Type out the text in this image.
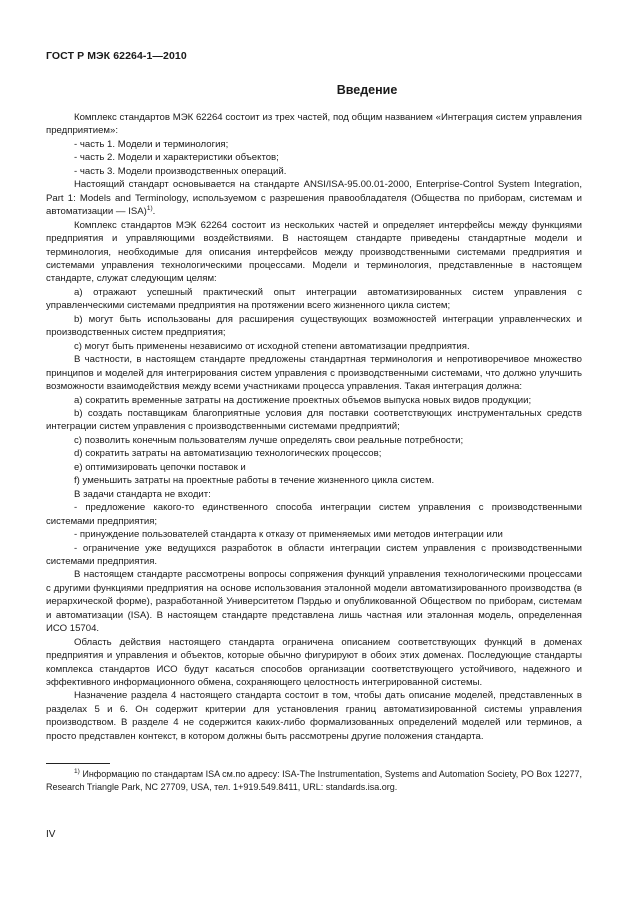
ГОСТ Р МЭК 62264-1—2010
Введение

Комплекс стандартов МЭК 62264 состоит из трех частей, под общим названием «Интеграция систем управления предприятием»:

- часть 1. Модели и терминология;

- часть 2. Модели и характеристики объектов;

- часть 3. Модели производственных операций.

Настоящий стандарт основывается на стандарте ANSI/ISA-95.00.01-2000, Enterprise-Control System Integration, Part 1: Models and Terminology, используемом с разрешения правообладателя (Общества по приборам, системам и автоматизации — ISA)$^{1)}$.

Комплекс стандартов МЭК 62264 состоит из нескольких частей и определяет интерфейсы между функциями предприятия и управляющими воздействиями. В настоящем стандарте приведены стандартные модели и терминология, необходимые для описания интерфейсов между производственными системами предприятия и системами управления технологическими процессами. Модели и терминология, представленные в настоящем стандарте, служат следующим целям:

а) отражают успешный практический опыт интеграции автоматизированных систем управления с управленческими системами предприятия на протяжении всего жизненного цикла систем;

b) могут быть использованы для расширения существующих возможностей интеграции управленческих и производственных систем предприятия;

с) могут быть применены независимо от исходной степени автоматизации предприятия.

В частности, в настоящем стандарте предложены стандартная терминология и непротиворечивое множество принципов и моделей для интегрирования систем управления с производственными системами, что должно улучшить возможности взаимодействия между всеми участниками процесса управления. Такая интеграция должна:

а) сократить временные затраты на достижение проектных объемов выпуска новых видов продукции;

b) создать поставщикам благоприятные условия для поставки соответствующих инструментальных средств интеграции систем управления с производственными системами предприятий;

с) позволить конечным пользователям лучше определять свои реальные потребности;

d) сократить затраты на автоматизацию технологических процессов;

е) оптимизировать цепочки поставок и

f) уменьшить затраты на проектные работы в течение жизненного цикла систем.

В задачи стандарта не входит:

- предложение какого-то единственного способа интеграции систем управления с производственными системами предприятия;

- принуждение пользователей стандарта к отказу от применяемых ими методов интеграции или

- ограничение уже ведущихся разработок в области интеграции систем управления с производственными системами предприятия.

В настоящем стандарте рассмотрены вопросы сопряжения функций управления технологическими процессами с другими функциями предприятия на основе использования эталонной модели автоматизированного производства (в иерархической форме), разработанной Университетом Пэрдью и опубликованной Обществом по приборам, системам и автоматизации (ISA). В настоящем стандарте представлена лишь частная или эталонная модель, определенная ИСО 15704.

Область действия настоящего стандарта ограничена описанием соответствующих функций в доменах предприятия и управления и объектов, которые обычно фигурируют в обоих этих доменах. Последующие стандарты комплекса стандартов ИСО будут касаться способов организации соответствующего устойчивого, надежного и эффективного информационного обмена, сохраняющего целостность интегрированной системы.

Назначение раздела 4 настоящего стандарта состоит в том, чтобы дать описание моделей, представленных в разделах 5 и 6. Он содержит критерии для установления границ автоматизированной системы управления производством. В разделе 4 не содержится каких-либо формализованных определений моделей или терминов, а просто представлен контекст, в котором должны быть рассмотрены другие положения стандарта.

$^{1)}$ Информацию по стандартам ISA см.по адресу: ISA-The Instrumentation, Systems and Automation Society, PO Box 12277, Research Triangle Park, NC 27709, USA, тел. 1+919.549.8411, URL: standards.isa.org.

IV
